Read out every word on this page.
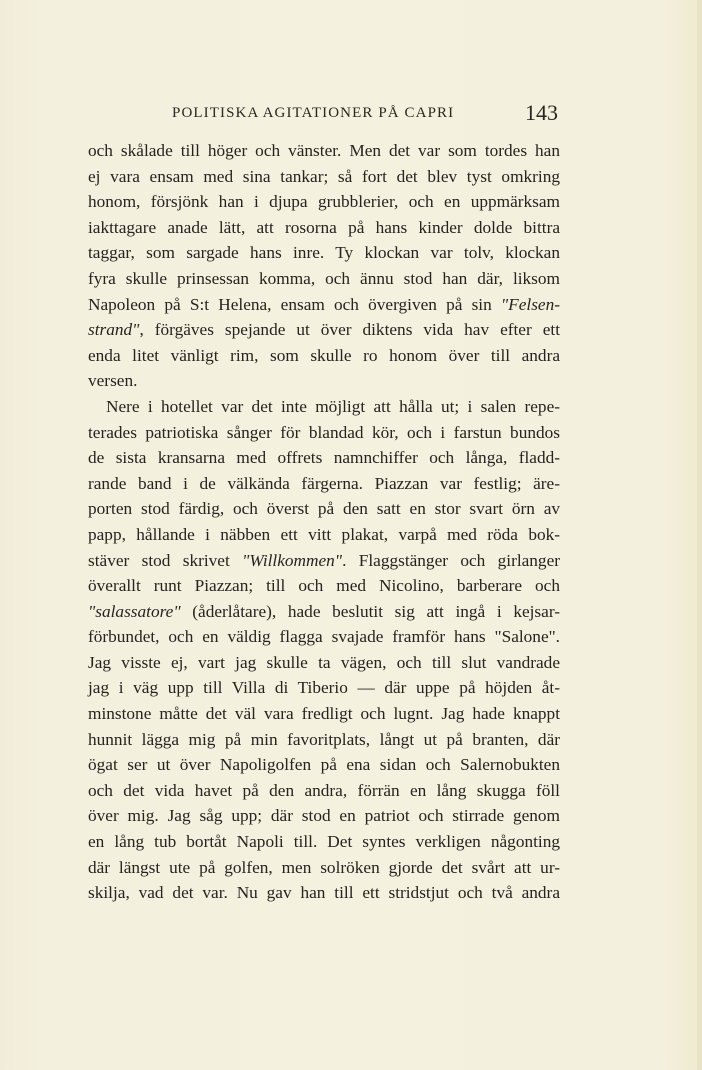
POLITISKA AGITATIONER PÅ CAPRI	143
och skålade till höger och vänster. Men det var som tordes han
ej vara ensam med sina tankar; så fort det blev tyst omkring
honom, försjönk han i djupa grubblerier, och en uppmärksam
iakttagare anade lätt, att rosorna på hans kinder dolde bittra
taggar, som sargade hans inre. Ty klockan var tolv, klockan
fyra skulle prinsessan komma, och ännu stod han där, liksom
Napoleon på S:t Helena, ensam och övergiven på sin "Felsen-
strand", förgäves spejande ut över diktens vida hav efter ett
enda litet vänligt rim, som skulle ro honom över till andra
versen.
Nere i hotellet var det inte möjligt att hålla ut; i salen repe-
terades patriotiska sånger för blandad kör, och i farstun bundos
de sista kransarna med offrets namnchiffer och långa, fladd-
rande band i de välkända färgerna. Piazzan var festlig; äre-
porten stod färdig, och överst på den satt en stor svart örn av
papp, hållande i näbben ett vitt plakat, varpå med röda bok-
stäver stod skrivet "Willkommen". Flaggstänger och girlanger
överallt runt Piazzan; till och med Nicolino, barberare och
"salassatore" (åderlåtare), hade beslutit sig att ingå i kejsar-
förbundet, och en väldig flagga svajade framför hans "Salone".
Jag visste ej, vart jag skulle ta vägen, och till slut vandrade
jag i väg upp till Villa di Tiberio — där uppe på höjden åt-
minstone måtte det väl vara fredligt och lugnt. Jag hade knappt
hunnit lägga mig på min favoritplats, långt ut på branten, där
ögat ser ut över Napoligolfen på ena sidan och Salernobukten
och det vida havet på den andra, förrän en lång skugga föll
över mig. Jag såg upp; där stod en patriot och stirrade genom
en lång tub bortåt Napoli till. Det syntes verkligen någonting
där längst ute på golfen, men solröken gjorde det svårt att ur-
skilja, vad det var. Nu gav han till ett stridstjut och två andra
